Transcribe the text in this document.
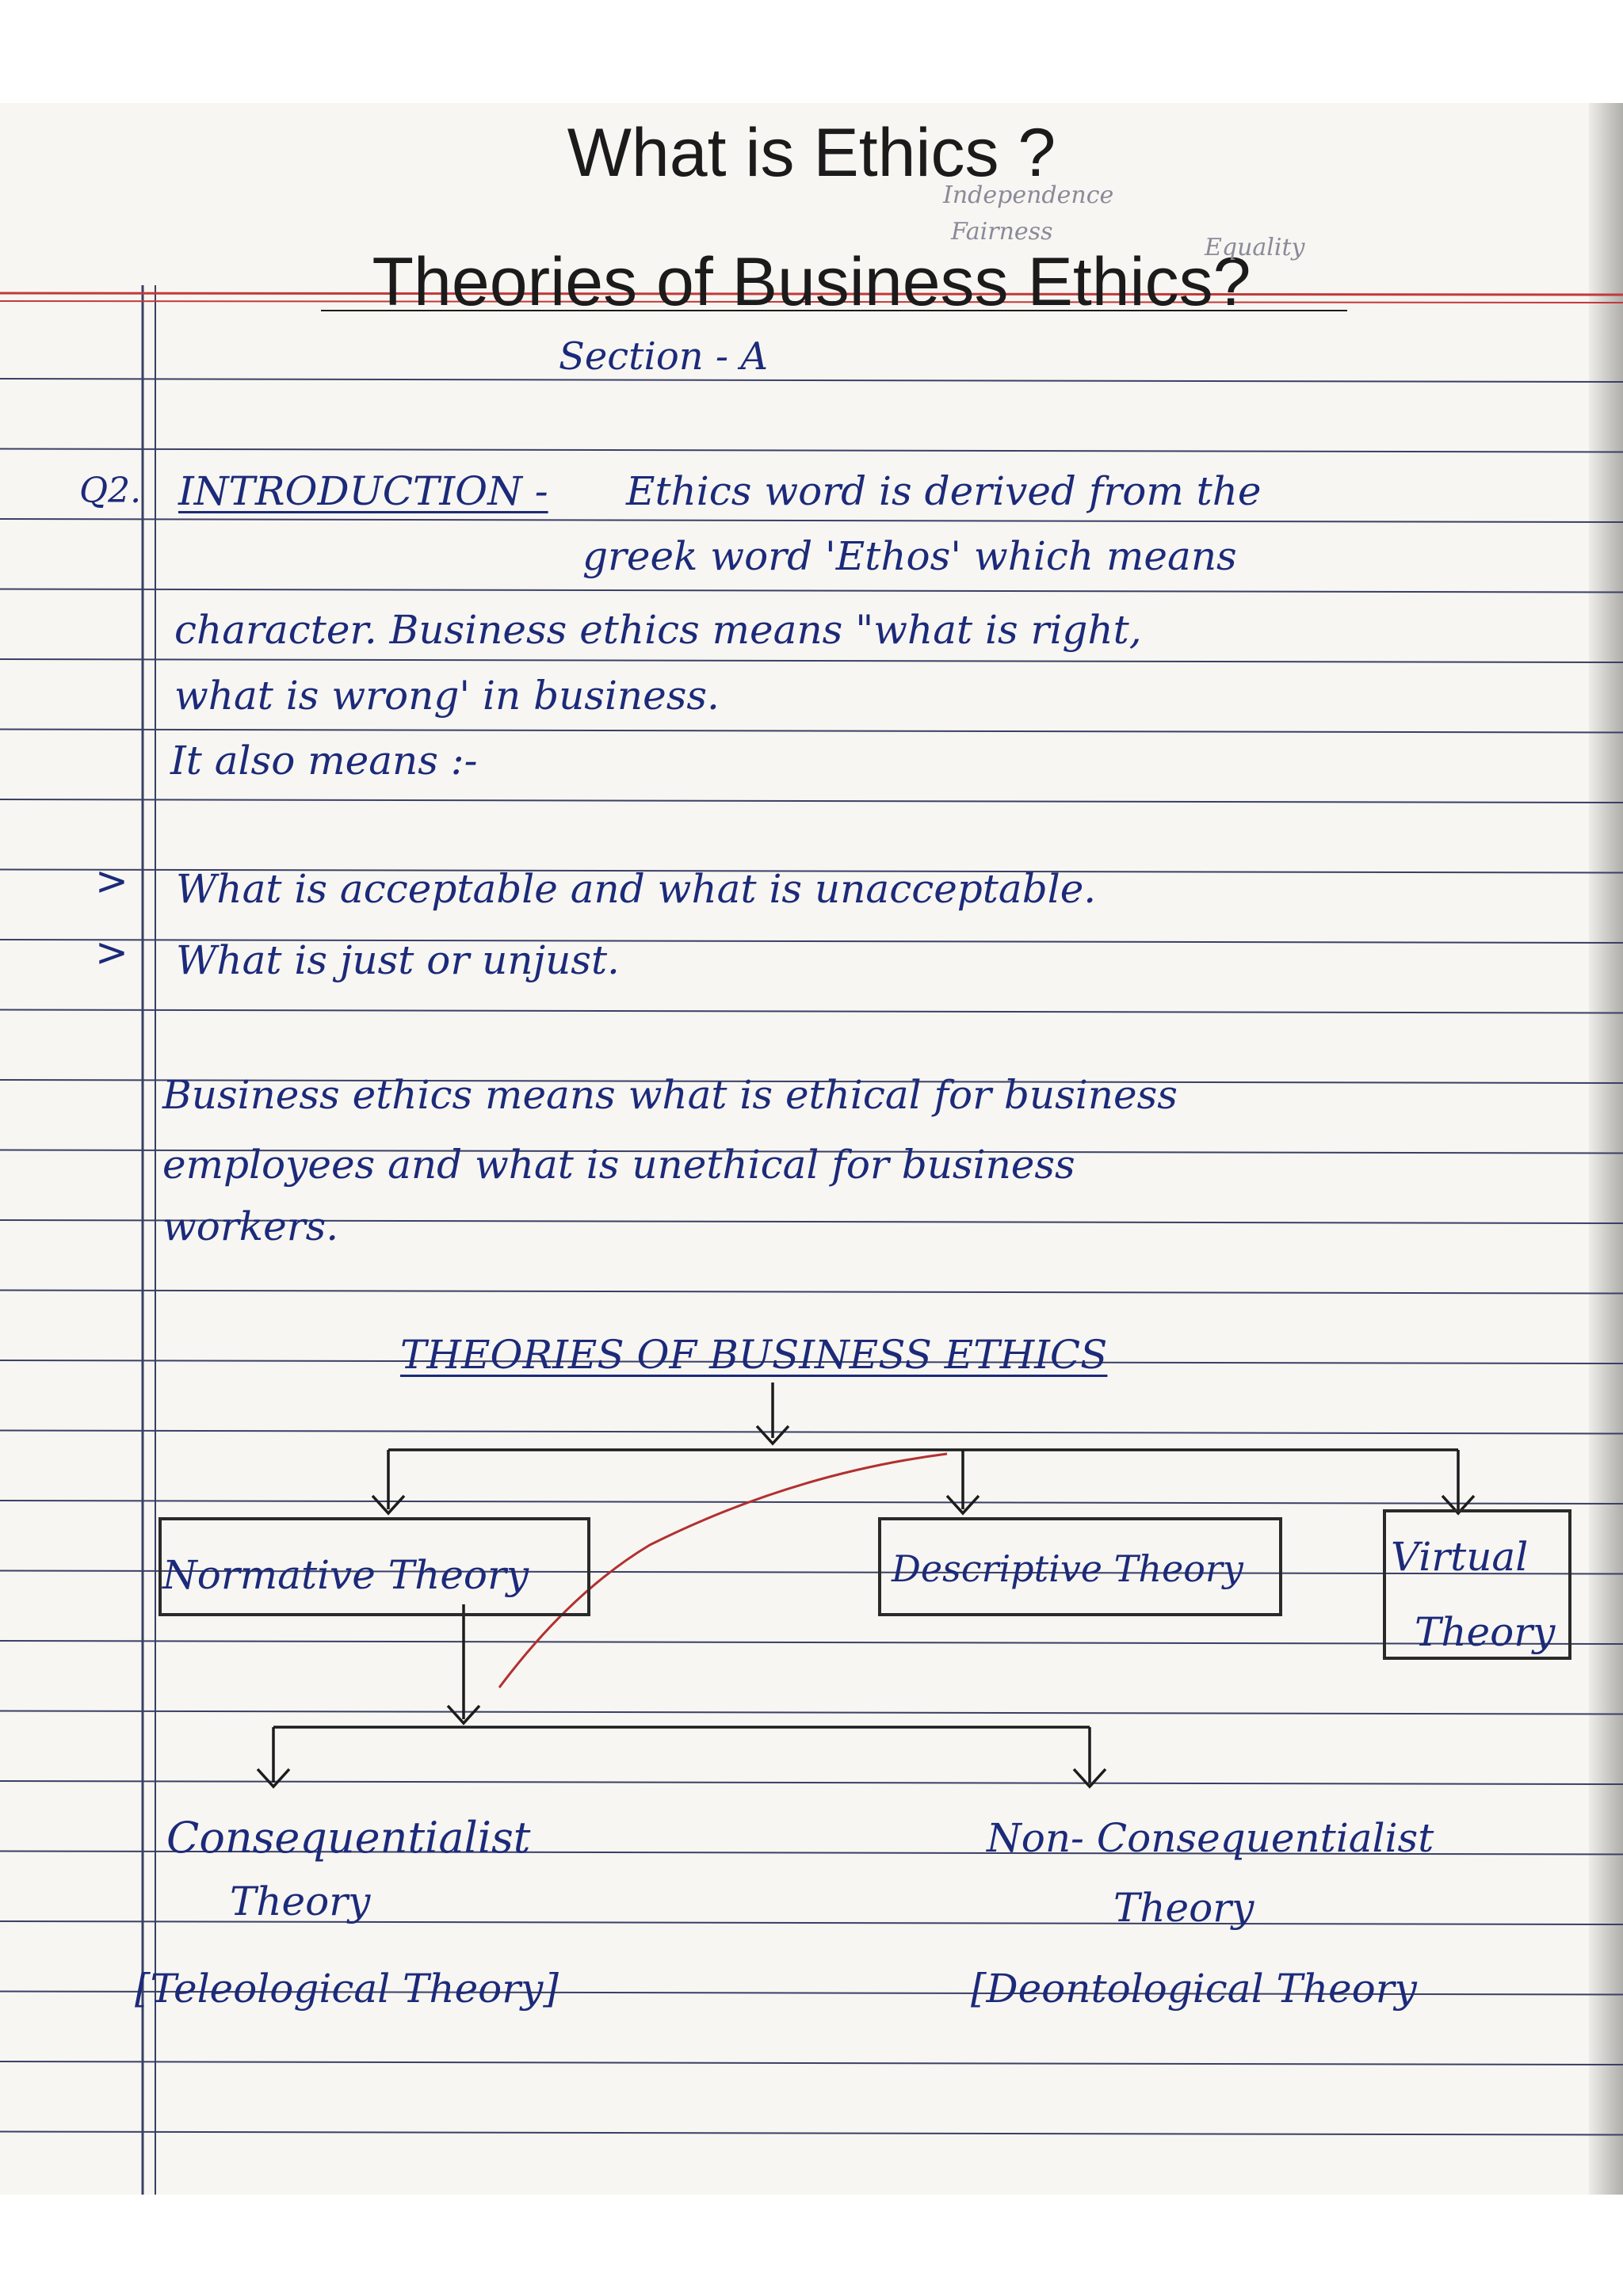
What is Ethics ?
Theories of Business Ethics?
Independence
Fairness
Equality
Section - A
Q2. INTRODUCTION - Ethics word is derived from the
greek word 'Ethos' which means
character. Business ethics means "what is right,
what is wrong' in business.
It also means :-
> What is acceptable and what is unacceptable.
> What is just or unjust.
Business ethics means what is ethical for business
employees and what is unethical for business
workers.
THEORIES OF BUSINESS ETHICS
Normative Theory	Descriptive Theory	Virtual
Theory
Consequentialist
Theory
[Teleological Theory]
Non- Consequentialist
Theory
[Deontological Theory
